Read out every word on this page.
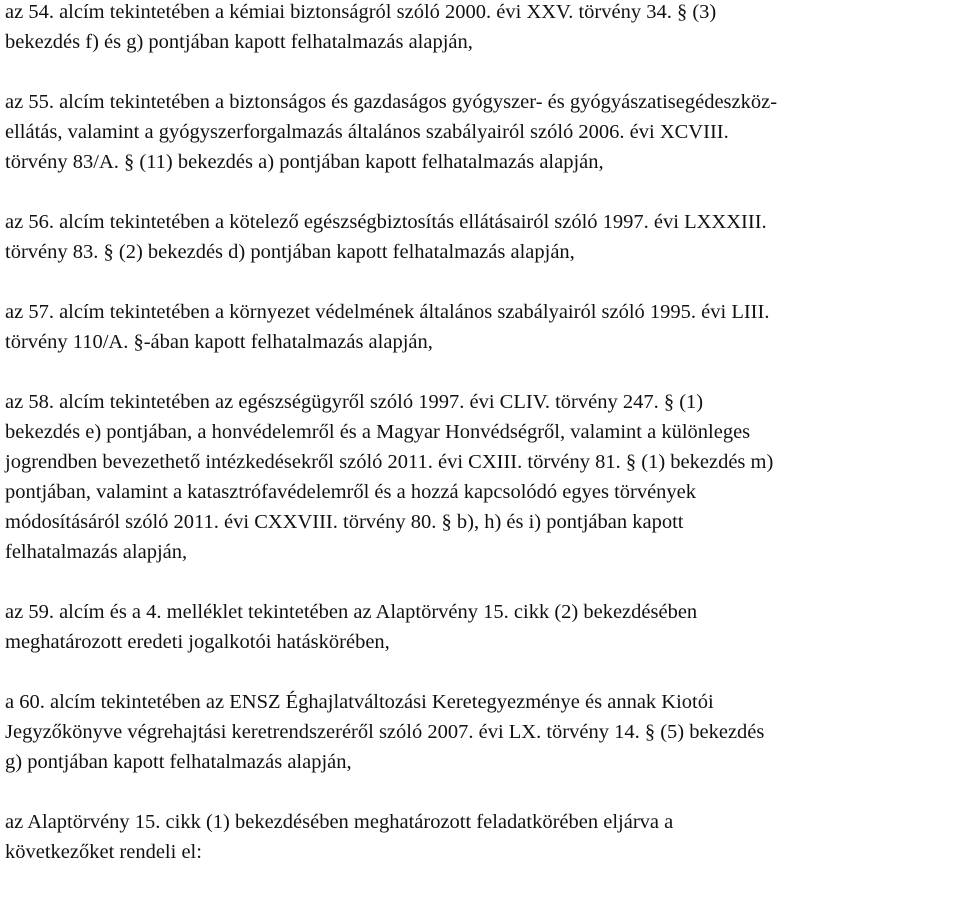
az 54. alcím tekintetében a kémiai biztonságról szóló 2000. évi XXV. törvény 34. § (3)
bekezdés f) és g) pontjában kapott felhatalmazás alapján,
az 55. alcím tekintetében a biztonságos és gazdaságos gyógyszer- és gyógyászatisegédeszköz-
ellátás, valamint a gyógyszerforgalmazás általános szabályairól szóló 2006. évi XCVIII.
törvény 83/A. § (11) bekezdés a) pontjában kapott felhatalmazás alapján,
az 56. alcím tekintetében a kötelező egészségbiztosítás ellátásairól szóló 1997. évi LXXXIII.
törvény 83. § (2) bekezdés d) pontjában kapott felhatalmazás alapján,
az 57. alcím tekintetében a környezet védelmének általános szabályairól szóló 1995. évi LIII.
törvény 110/A. §-ában kapott felhatalmazás alapján,
az 58. alcím tekintetében az egészségügyről szóló 1997. évi CLIV. törvény 247. § (1)
bekezdés e) pontjában, a honvédelemről és a Magyar Honvédségről, valamint a különleges
jogrendben bevezethető intézkedésekről szóló 2011. évi CXIII. törvény 81. § (1) bekezdés m)
pontjában, valamint a katasztrófavédelemről és a hozzá kapcsolódó egyes törvények
módosításáról szóló 2011. évi CXXVIII. törvény 80. § b), h) és i) pontjában kapott
felhatalmazás alapján,
az 59. alcím és a 4. melléklet tekintetében az Alaptörvény 15. cikk (2) bekezdésében
meghatározott eredeti jogalkotói hatáskörében,
a 60. alcím tekintetében az ENSZ Éghajlatváltozási Keretegyezménye és annak Kiotói
Jegyzőkönyve végrehajtási keretrendszeréről szóló 2007. évi LX. törvény 14. § (5) bekezdés
g) pontjában kapott felhatalmazás alapján,
az Alaptörvény 15. cikk (1) bekezdésében meghatározott feladatkörében eljárva a
következőket rendeli el:
